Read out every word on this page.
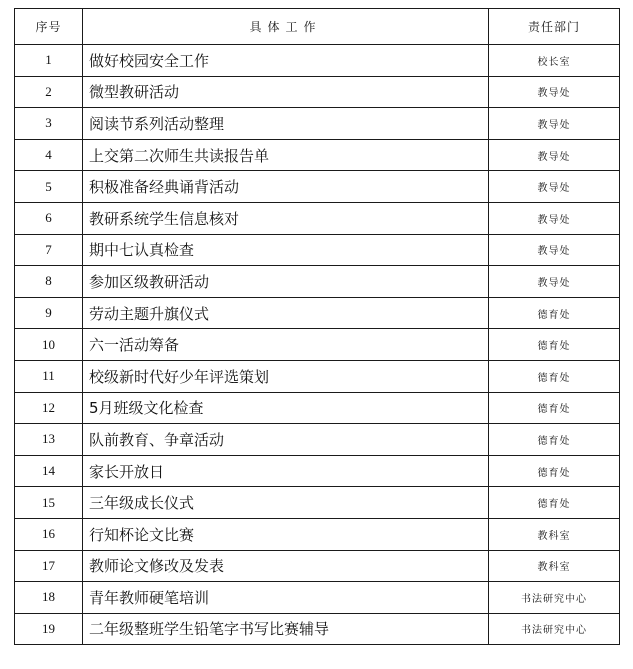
序号	具体工作	责任部门
1	做好校园安全工作	校长室
2	微型教研活动	教导处
3	阅读节系列活动整理	教导处
4	上交第二次师生共读报告单	教导处
5	积极准备经典诵背活动	教导处
6	教研系统学生信息核对	教导处
7	期中七认真检查	教导处
8	参加区级教研活动	教导处
9	劳动主题升旗仪式	德育处
10	六一活动筹备	德育处
11	校级新时代好少年评选策划	德育处
12	5月班级文化检查	德育处
13	队前教育、争章活动	德育处
14	家长开放日	德育处
15	三年级成长仪式	德育处
16	行知杯论文比赛	教科室
17	教师论文修改及发表	教科室
18	青年教师硬笔培训	书法研究中心
19	二年级整班学生铅笔字书写比赛辅导	书法研究中心
